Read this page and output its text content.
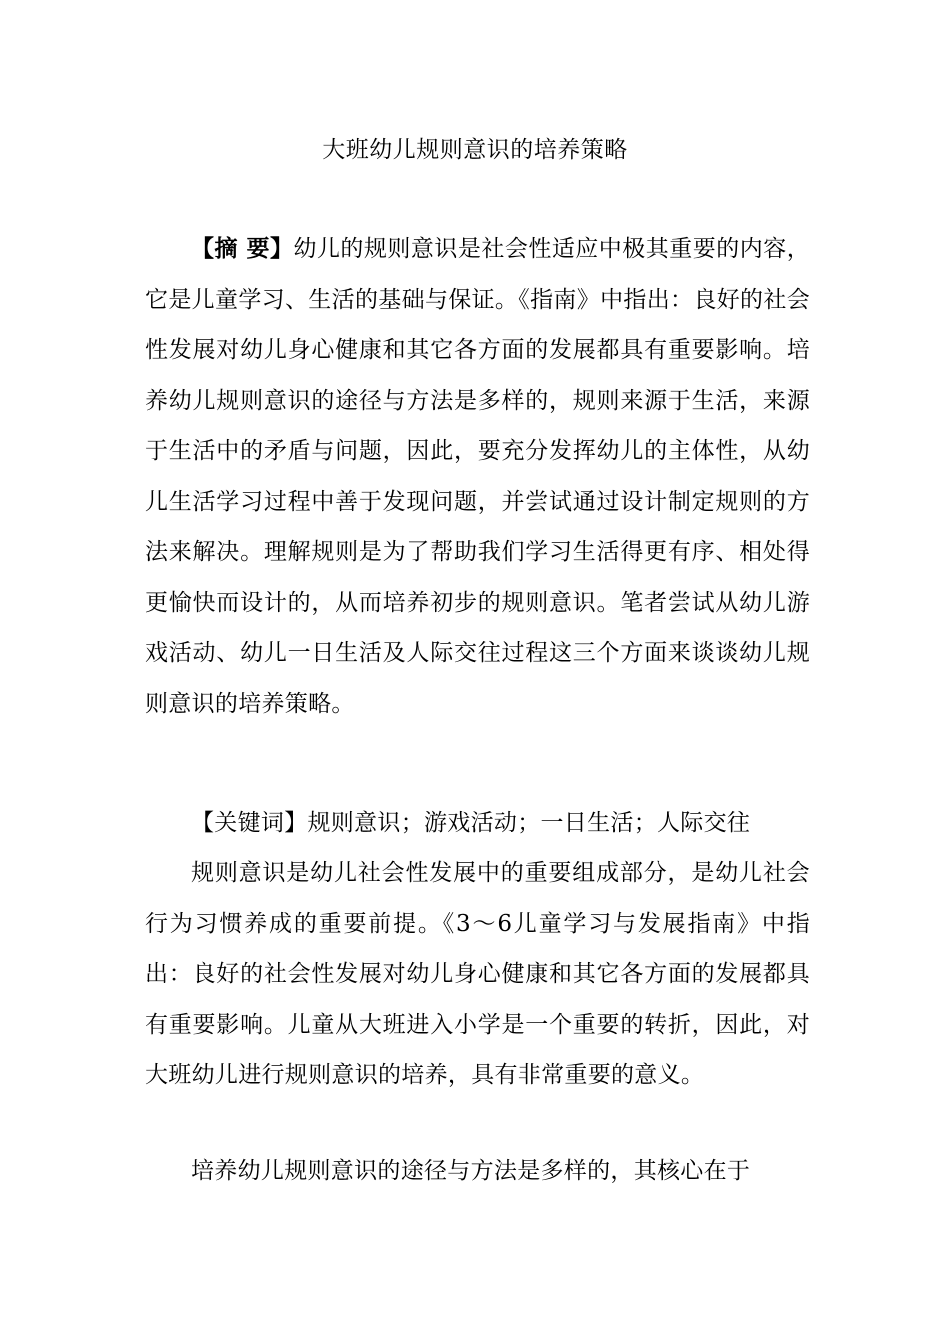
大班幼儿规则意识的培养策略

【摘 要】幼儿的规则意识是社会性适应中极其重要的内容，它是儿童学习、生活的基础与保证。《指南》中指出：良好的社会性发展对幼儿身心健康和其它各方面的发展都具有重要影响。培养幼儿规则意识的途径与方法是多样的，规则来源于生活，来源于生活中的矛盾与问题，因此，要充分发挥幼儿的主体性，从幼儿生活学习过程中善于发现问题，并尝试通过设计制定规则的方法来解决。理解规则是为了帮助我们学习生活得更有序、相处得更愉快而设计的，从而培养初步的规则意识。笔者尝试从幼儿游戏活动、幼儿一日生活及人际交往过程这三个方面来谈谈幼儿规则意识的培养策略。

【关键词】规则意识；游戏活动；一日生活；人际交往

规则意识是幼儿社会性发展中的重要组成部分，是幼儿社会行为习惯养成的重要前提。《3～6儿童学习与发展指南》中指出：良好的社会性发展对幼儿身心健康和其它各方面的发展都具有重要影响。儿童从大班进入小学是一个重要的转折，因此，对大班幼儿进行规则意识的培养，具有非常重要的意义。

培养幼儿规则意识的途径与方法是多样的，其核心在于
